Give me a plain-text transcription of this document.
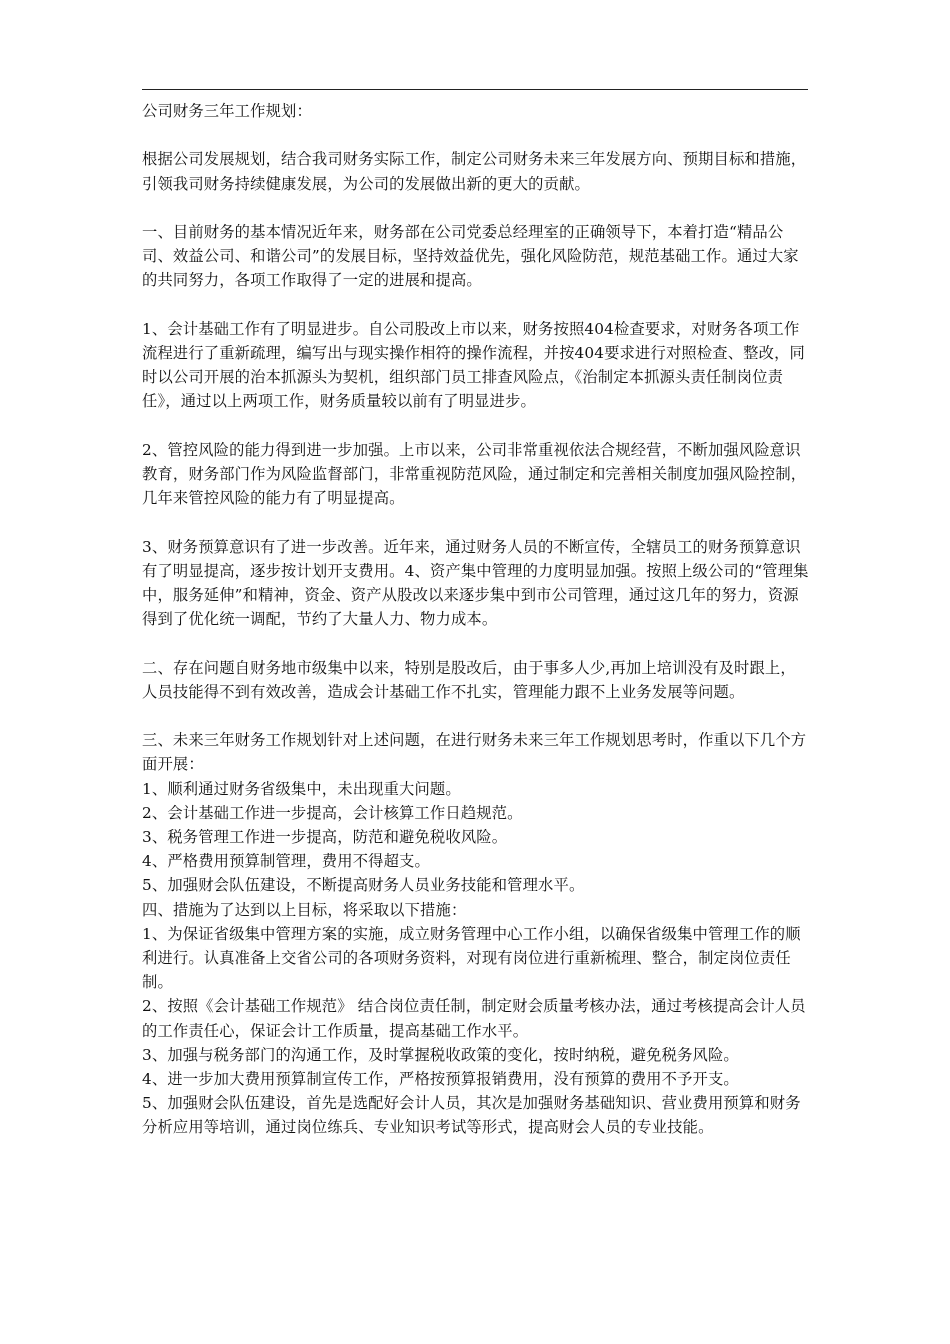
公司财务三年工作规划：

根据公司发展规划，结合我司财务实际工作，制定公司财务未来三年发展方向、预期目标和措施，引领我司财务持续健康发展，为公司的发展做出新的更大的贡献。

一、目前财务的基本情况近年来，财务部在公司党委总经理室的正确领导下，本着打造“精品公司、效益公司、和谐公司”的发展目标，坚持效益优先，强化风险防范，规范基础工作。通过大家的共同努力，各项工作取得了一定的进展和提高。

1、会计基础工作有了明显进步。自公司股改上市以来，财务按照404检查要求，对财务各项工作流程进行了重新疏理，编写出与现实操作相符的操作流程，并按404要求进行对照检查、整改，同时以公司开展的治本抓源头为契机，组织部门员工排查风险点，《治制定本抓源头责任制岗位责任》，通过以上两项工作，财务质量较以前有了明显进步。

2、管控风险的能力得到进一步加强。上市以来，公司非常重视依法合规经营，不断加强风险意识教育，财务部门作为风险监督部门，非常重视防范风险，通过制定和完善相关制度加强风险控制，几年来管控风险的能力有了明显提高。

3、财务预算意识有了进一步改善。近年来，通过财务人员的不断宣传，全辖员工的财务预算意识有了明显提高，逐步按计划开支费用。4、资产集中管理的力度明显加强。按照上级公司的“管理集中，服务延伸”和精神，资金、资产从股改以来逐步集中到市公司管理，通过这几年的努力，资源得到了优化统一调配，节约了大量人力、物力成本。

二、存在问题自财务地市级集中以来，特别是股改后，由于事多人少,再加上培训没有及时跟上，人员技能得不到有效改善，造成会计基础工作不扎实，管理能力跟不上业务发展等问题。

三、未来三年财务工作规划针对上述问题，在进行财务未来三年工作规划思考时，作重以下几个方面开展：

1、顺利通过财务省级集中，未出现重大问题。

2、会计基础工作进一步提高，会计核算工作日趋规范。

3、税务管理工作进一步提高，防范和避免税收风险。

4、严格费用预算制管理，费用不得超支。

5、加强财会队伍建设，不断提高财务人员业务技能和管理水平。

四、措施为了达到以上目标，将采取以下措施：

1、为保证省级集中管理方案的实施，成立财务管理中心工作小组，以确保省级集中管理工作的顺利进行。认真准备上交省公司的各项财务资料，对现有岗位进行重新梳理、整合，制定岗位责任制。

2、按照《会计基础工作规范》 结合岗位责任制，制定财会质量考核办法，通过考核提高会计人员的工作责任心，保证会计工作质量，提高基础工作水平。

3、加强与税务部门的沟通工作，及时掌握税收政策的变化，按时纳税，避免税务风险。

4、进一步加大费用预算制宣传工作，严格按预算报销费用，没有预算的费用不予开支。

5、加强财会队伍建设，首先是选配好会计人员，其次是加强财务基础知识、营业费用预算和财务分析应用等培训，通过岗位练兵、专业知识考试等形式，提高财会人员的专业技能。
